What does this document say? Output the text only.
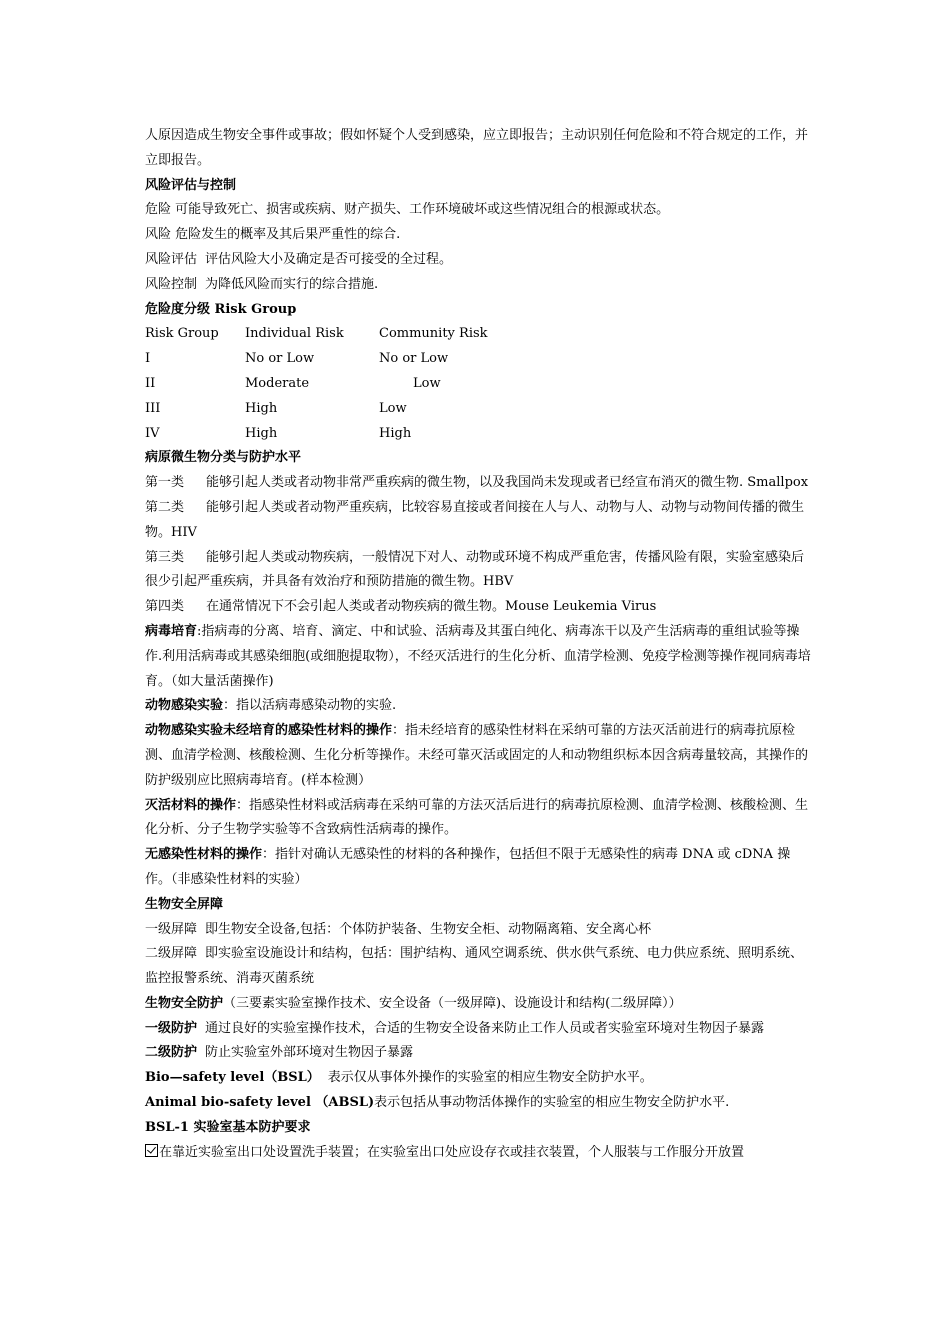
人原因造成生物安全事件或事故；假如怀疑个人受到感染，应立即报告；主动识别任何危险和不符合规定的工作，并立即报告。

风险评估与控制

危险 可能导致死亡、损害或疾病、财产损失、工作环境破坏或这些情况组合的根源或状态。

风险 危险发生的概率及其后果严重性的综合.

风险评估 评估风险大小及确定是否可接受的全过程。

风险控制 为降低风险而实行的综合措施.

危险度分级 Risk Group

Risk Group	Individual Risk	Community Risk
I	No or Low	No or Low
II	Moderate	Low
III	High	Low
IV	High	High

病原微生物分类与防护水平

第一类 能够引起人类或者动物非常严重疾病的微生物，以及我国尚未发现或者已经宣布消灭的微生物. Smallpox

第二类 能够引起人类或者动物严重疾病，比较容易直接或者间接在人与人、动物与人、动物与动物间传播的微生物。HIV

第三类 能够引起人类或动物疾病，一般情况下对人、动物或环境不构成严重危害，传播风险有限，实验室感染后很少引起严重疾病，并具备有效治疗和预防措施的微生物。HBV

第四类 在通常情况下不会引起人类或者动物疾病的微生物。Mouse Leukemia Virus

病毒培育:指病毒的分离、培育、滴定、中和试验、活病毒及其蛋白纯化、病毒冻干以及产生活病毒的重组试验等操作.利用活病毒或其感染细胞(或细胞提取物），不经灭活进行的生化分析、血清学检测、免疫学检测等操作视同病毒培育。（如大量活菌操作)

动物感染实验：指以活病毒感染动物的实验.

动物感染实验未经培育的感染性材料的操作：指未经培育的感染性材料在采纳可靠的方法灭活前进行的病毒抗原检测、血清学检测、核酸检测、生化分析等操作。未经可靠灭活或固定的人和动物组织标本因含病毒量较高，其操作的防护级别应比照病毒培育。(样本检测）

灭活材料的操作：指感染性材料或活病毒在采纳可靠的方法灭活后进行的病毒抗原检测、血清学检测、核酸检测、生化分析、分子生物学实验等不含致病性活病毒的操作。

无感染性材料的操作：指针对确认无感染性的材料的各种操作，包括但不限于无感染性的病毒 DNA 或 cDNA 操作。（非感染性材料的实验）

生物安全屏障

一级屏障 即生物安全设备,包括：个体防护装备、生物安全柜、动物隔离箱、安全离心杯

二级屏障 即实验室设施设计和结构，包括：围护结构、通风空调系统、供水供气系统、电力供应系统、照明系统、监控报警系统、消毒灭菌系统

生物安全防护（三要素实验室操作技术、安全设备（一级屏障)、设施设计和结构(二级屏障））

一级防护 通过良好的实验室操作技术，合适的生物安全设备来防止工作人员或者实验室环境对生物因子暴露

二级防护 防止实验室外部环境对生物因子暴露

Bio—safety level（BSL） 表示仅从事体外操作的实验室的相应生物安全防护水平。

Animal bio-safety level （ABSL)表示包括从事动物活体操作的实验室的相应生物安全防护水平.

BSL-1 实验室基本防护要求

在靠近实验室出口处设置洗手装置；在实验室出口处应设存衣或挂衣装置，个人服装与工作服分开放置
